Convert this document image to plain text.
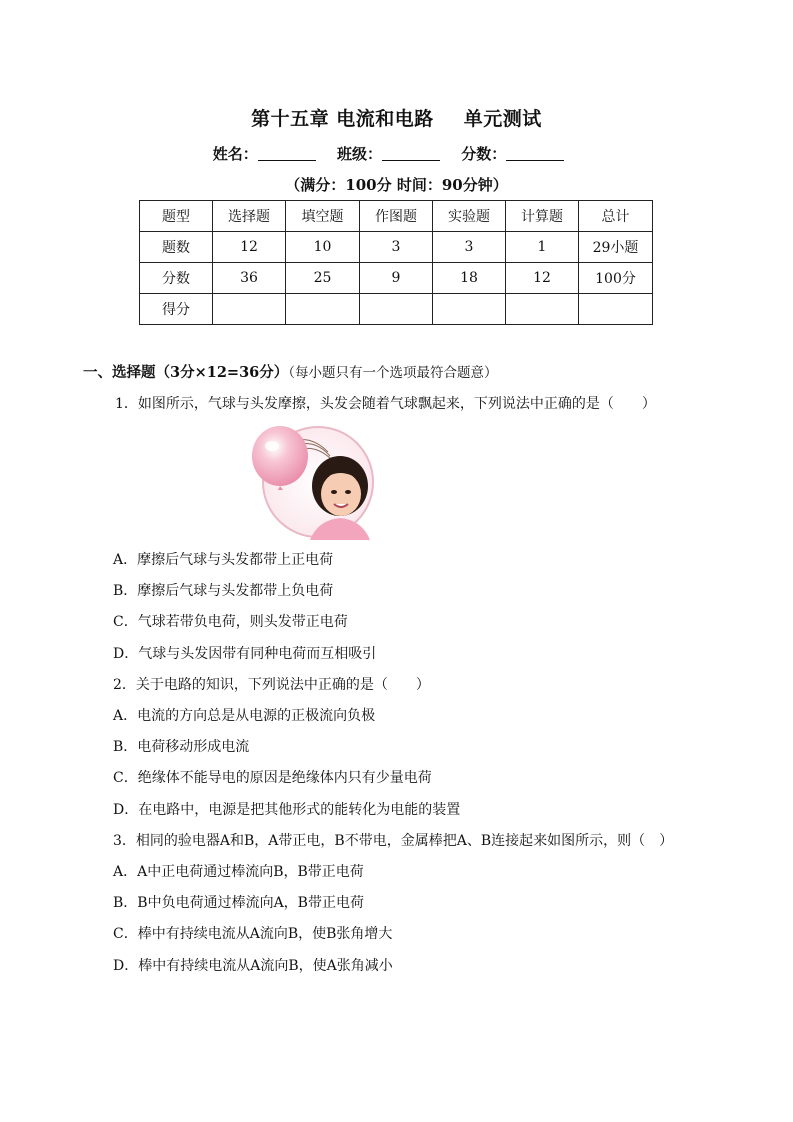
第十五章 电流和电路 单元测试
姓名：	班级：	分数：
（满分：100分 时间：90分钟）
题型	选择题	填空题	作图题	实验题	计算题	总计
题数	12	10	3	3	1	29小题
分数	36	25	9	18	12	100分
得分						
一、选择题（3分×12=36分）（每小题只有一个选项最符合题意）
1．如图所示，气球与头发摩擦，头发会随着气球飘起来，下列说法中正确的是（　　）
A．摩擦后气球与头发都带上正电荷
B．摩擦后气球与头发都带上负电荷
C．气球若带负电荷，则头发带正电荷
D．气球与头发因带有同种电荷而互相吸引
2．关于电路的知识，下列说法中正确的是（　　）
A．电流的方向总是从电源的正极流向负极
B．电荷移动形成电流
C．绝缘体不能导电的原因是绝缘体内只有少量电荷
D．在电路中，电源是把其他形式的能转化为电能的装置
3．相同的验电器A和B，A带正电，B不带电，金属棒把A、B连接起来如图所示，则（　）
A．A中正电荷通过棒流向B，B带正电荷
B．B中负电荷通过棒流向A，B带正电荷
C．棒中有持续电流从A流向B，使B张角增大
D．棒中有持续电流从A流向B，使A张角减小
